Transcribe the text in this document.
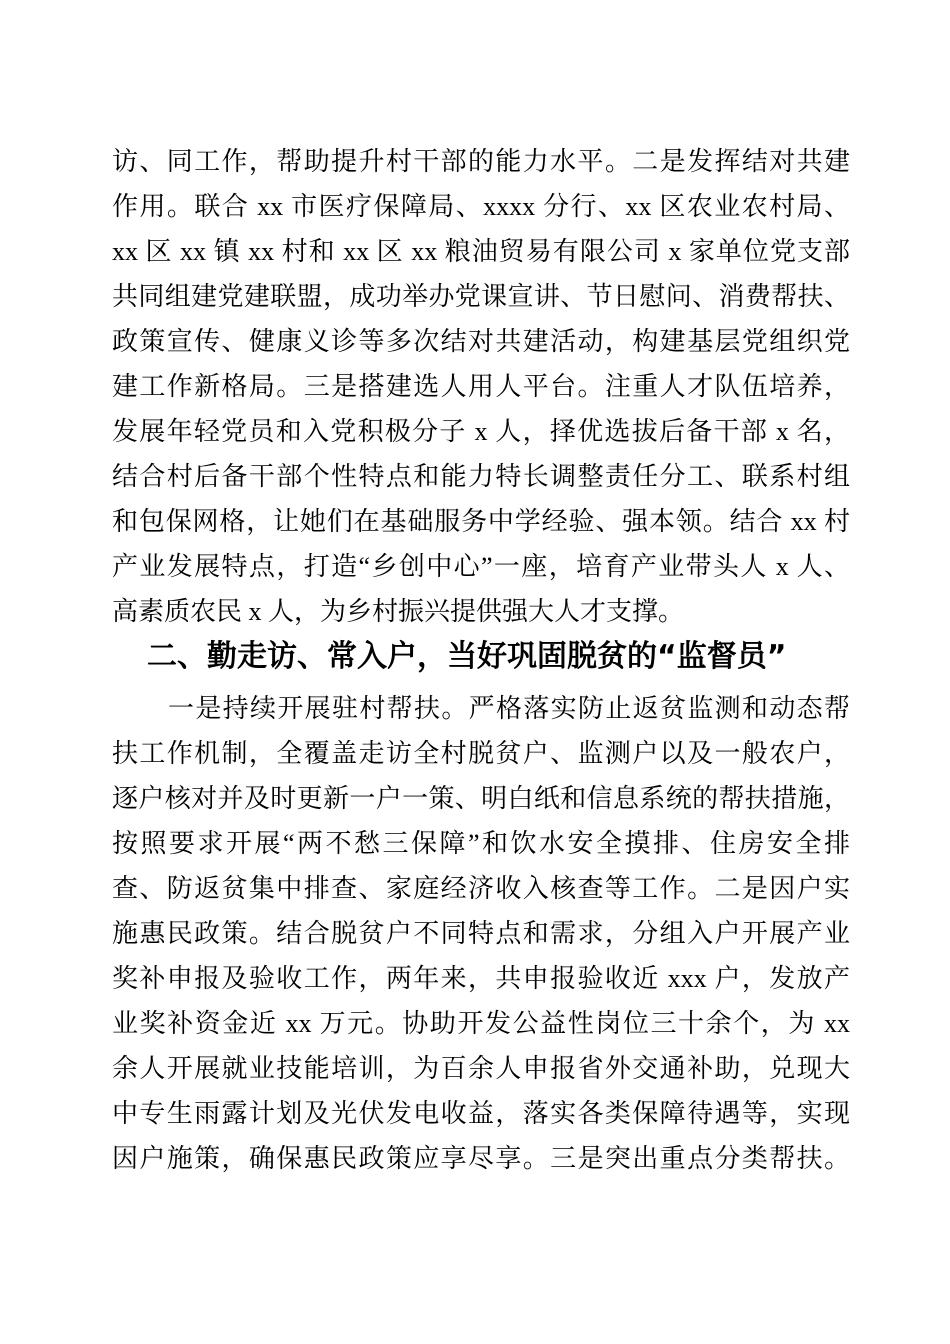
访、同工作，帮助提升村干部的能力水平。二是发挥结对共建
作用。联合 xx 市医疗保障局、xxxx 分行、xx 区农业农村局、
xx 区 xx 镇 xx 村和 xx 区 xx 粮油贸易有限公司 x 家单位党支部
共同组建党建联盟，成功举办党课宣讲、节日慰问、消费帮扶、
政策宣传、健康义诊等多次结对共建活动，构建基层党组织党
建工作新格局。三是搭建选人用人平台。注重人才队伍培养，
发展年轻党员和入党积极分子 x 人，择优选拔后备干部 x 名，
结合村后备干部个性特点和能力特长调整责任分工、联系村组
和包保网格，让她们在基础服务中学经验、强本领。结合 xx 村
产业发展特点，打造“乡创中心”一座，培育产业带头人 x 人、
高素质农民 x 人，为乡村振兴提供强大人才支撑。
二、勤走访、常入户，当好巩固脱贫的“监督员”
一是持续开展驻村帮扶。严格落实防止返贫监测和动态帮
扶工作机制，全覆盖走访全村脱贫户、监测户以及一般农户，
逐户核对并及时更新一户一策、明白纸和信息系统的帮扶措施，
按照要求开展“两不愁三保障”和饮水安全摸排、住房安全排
查、防返贫集中排查、家庭经济收入核查等工作。二是因户实
施惠民政策。结合脱贫户不同特点和需求，分组入户开展产业
奖补申报及验收工作，两年来，共申报验收近 xxx 户，发放产
业奖补资金近 xx 万元。协助开发公益性岗位三十余个，为 xx
余人开展就业技能培训，为百余人申报省外交通补助，兑现大
中专生雨露计划及光伏发电收益，落实各类保障待遇等，实现
因户施策，确保惠民政策应享尽享。三是突出重点分类帮扶。
